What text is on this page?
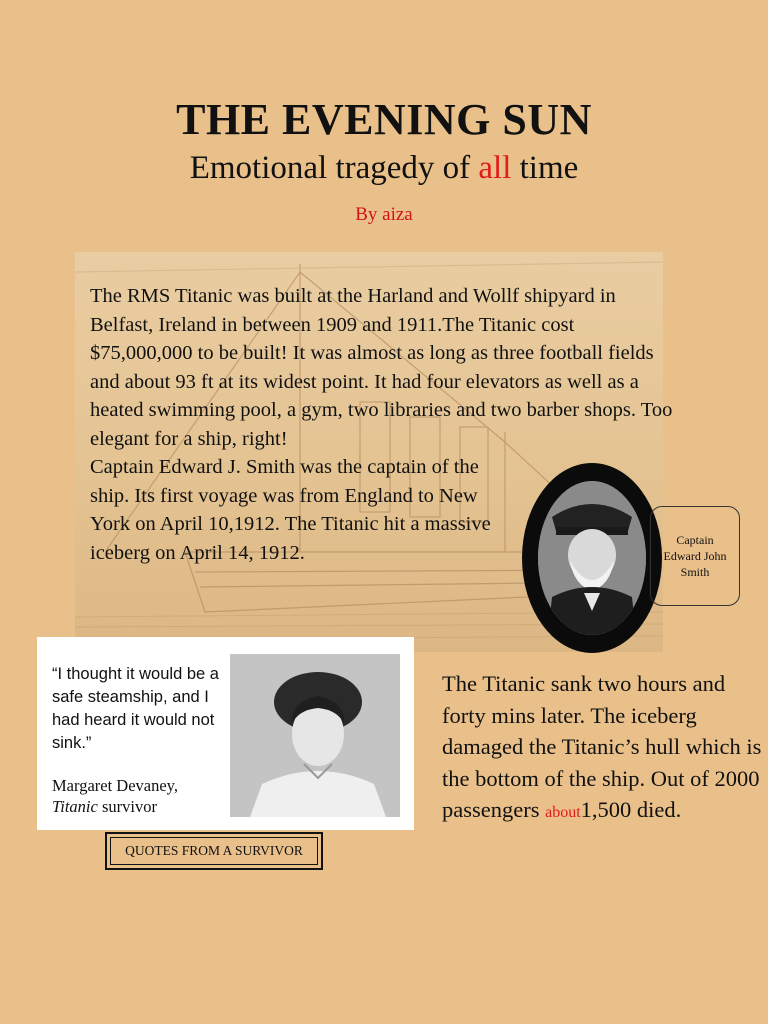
THE EVENING SUN

Emotional tragedy of all time

By aiza

The RMS Titanic was built at the Harland and Wollf shipyard in Belfast, Ireland in between 1909 and 1911.The Titanic cost $75,000,000 to be built! It was almost as long as three football fields and about 93 ft at its widest point. It had four elevators as well as a heated swimming pool, a gym, two libraries and two barber shops. Too elegant for a ship, right!

Captain Edward J. Smith was the captain of the ship. Its first voyage was from England to New York on April 10,1912. The Titanic hit a massive iceberg on April 14, 1912.

Captain Edward John Smith
“I thought it would be a safe steamship, and I had heard it would not sink.”
Margaret Devaney,
Titanic survivor
QUOTES FROM A SURVIVOR
The Titanic sank two hours and forty mins later. The iceberg damaged the Titanic’s hull which is the bottom of the ship. Out of 2000 passengers about1,500 died.
